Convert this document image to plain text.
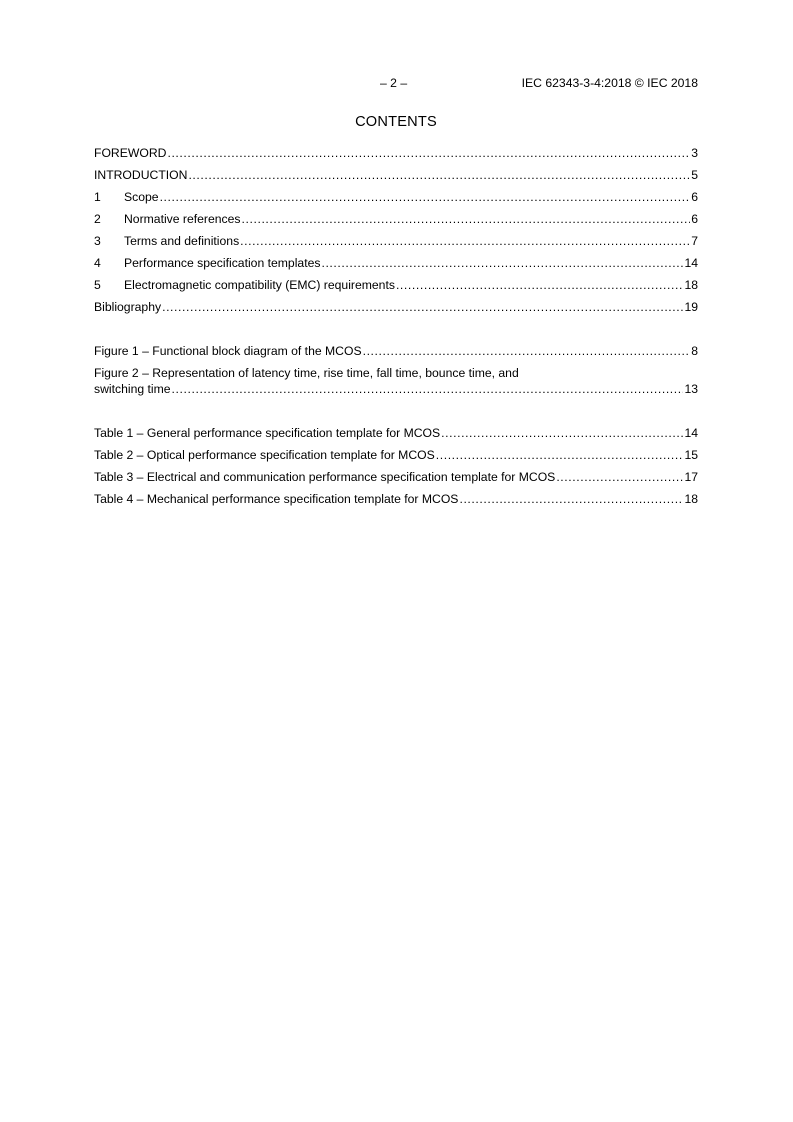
– 2 –	IEC 62343-3-4:2018 © IEC 2018
CONTENTS
FOREWORD .....	3
INTRODUCTION .....	5
1	Scope .....	6
2	Normative references .....	6
3	Terms and definitions .....	7
4	Performance specification templates .....	14
5	Electromagnetic compatibility (EMC) requirements .....	18
Bibliography .....	19
Figure 1 – Functional block diagram of the MCOS .....	8
Figure 2 – Representation of latency time, rise time, fall time, bounce time, and
switching time .....	13
Table 1 – General performance specification template for MCOS .....	14
Table 2 – Optical performance specification template for MCOS .....	15
Table 3 – Electrical and communication performance specification template for MCOS .....	17
Table 4 – Mechanical performance specification template for MCOS .....	18
